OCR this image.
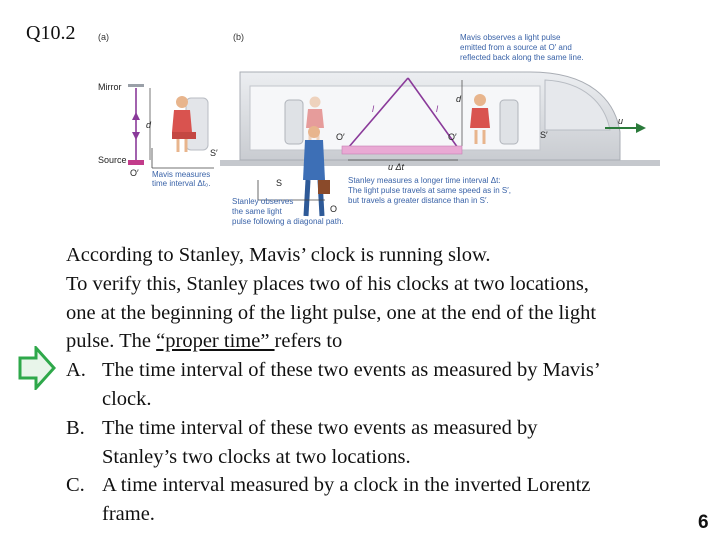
Q10.2	(a)
Mirror
d
Source
O′
S′
Mavis measures
time interval Δt₀.
(b)	Mavis observes a light pulse
emitted from a source at O′ and
reflected back along the same line.
l	l
d
O′	O′	S′
u
u Δt
S
O
Stanley observes
the same light
pulse following a diagonal path.
Stanley measures a longer time interval Δt:
The light pulse travels at same speed as in S′,
but travels a greater distance than in S′.
According to Stanley, Mavis’ clock is running slow.
To verify this, Stanley places two of his clocks at two locations,
one at the beginning of the light pulse, one at the end of the light
pulse. The “proper time” refers to
A. The time interval of these two events as measured by Mavis’
clock.
B. The time interval of these two events as measured by
Stanley’s two clocks at two locations.
C. A time interval measured by a clock in the inverted Lorentz
frame.	6
